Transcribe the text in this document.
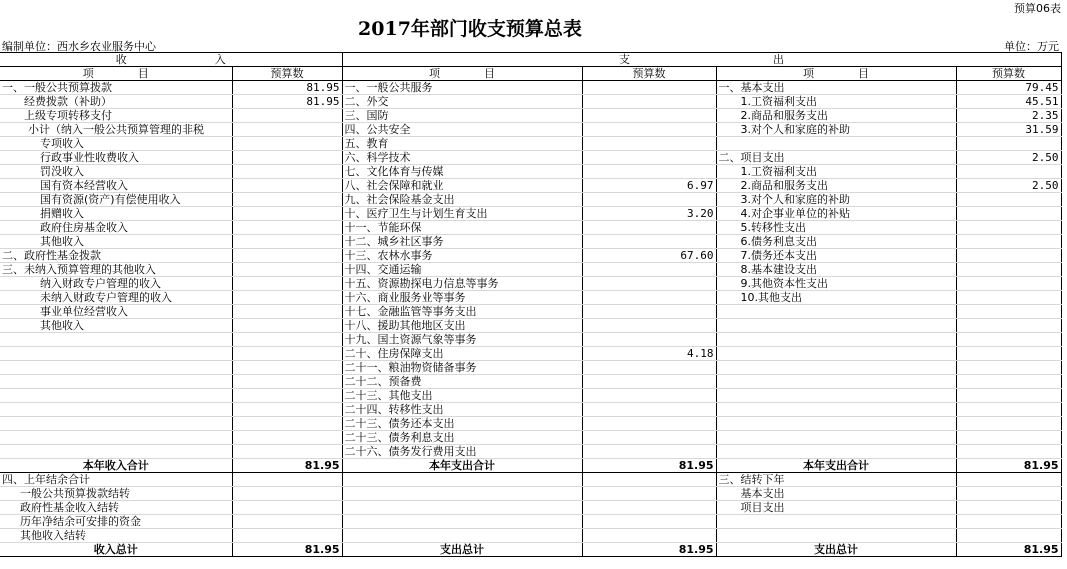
预算06表
2017年部门收支预算总表
编制单位：西水乡农业服务中心	单位：万元
收　　　　　　　　入		支　　　　　　　　　　　　　出			
项　　　　目	预算数	项　　　　目	预算数	项　　　　目	预算数
一、一般公共预算拨款	81.95	一、一般公共服务		一、基本支出	79.45
经费拨款（补助）	81.95	二、外交		1.工资福利支出	45.51
上级专项转移支付		三、国防		2.商品和服务支出	2.35
小计（纳入一般公共预算管理的非税		四、公共安全		3.对个人和家庭的补助	31.59
专项收入		五、教育			
行政事业性收费收入		六、科学技术		二、项目支出	2.50
罚没收入		七、文化体育与传媒		1.工资福利支出	
国有资本经营收入		八、社会保障和就业	6.97	2.商品和服务支出	2.50
国有资源(资产)有偿使用收入		九、社会保险基金支出		3.对个人和家庭的补助	
捐赠收入		十、医疗卫生与计划生育支出	3.20	4.对企事业单位的补贴	
政府住房基金收入		十一、节能环保		5.转移性支出	
其他收入		十二、城乡社区事务		6.债务利息支出	
二、政府性基金拨款		十三、农林水事务	67.60	7.债务还本支出	
三、未纳入预算管理的其他收入		十四、交通运输		8.基本建设支出	
纳入财政专户管理的收入		十五、资源勘探电力信息等事务		9.其他资本性支出	
未纳入财政专户管理的收入		十六、商业服务业等事务		10.其他支出	
事业单位经营收入		十七、金融监管等事务支出			
其他收入		十八、援助其他地区支出			
		十九、国土资源气象等事务			
		二十、住房保障支出	4.18		
		二十一、粮油物资储备事务			
		二十二、预备费			
		二十三、其他支出			
		二十四、转移性支出			
		二十三、债务还本支出			
		二十三、债务利息支出			
		二十六、债务发行费用支出			
本年收入合计	81.95	本年支出合计	81.95	本年支出合计	81.95
四、上年结余合计				三、结转下年	
一般公共预算拨款结转				基本支出	
政府性基金收入结转				项目支出	
历年净结余可安排的资金					
其他收入结转					
收入总计	81.95	支出总计	81.95	支出总计	81.95
